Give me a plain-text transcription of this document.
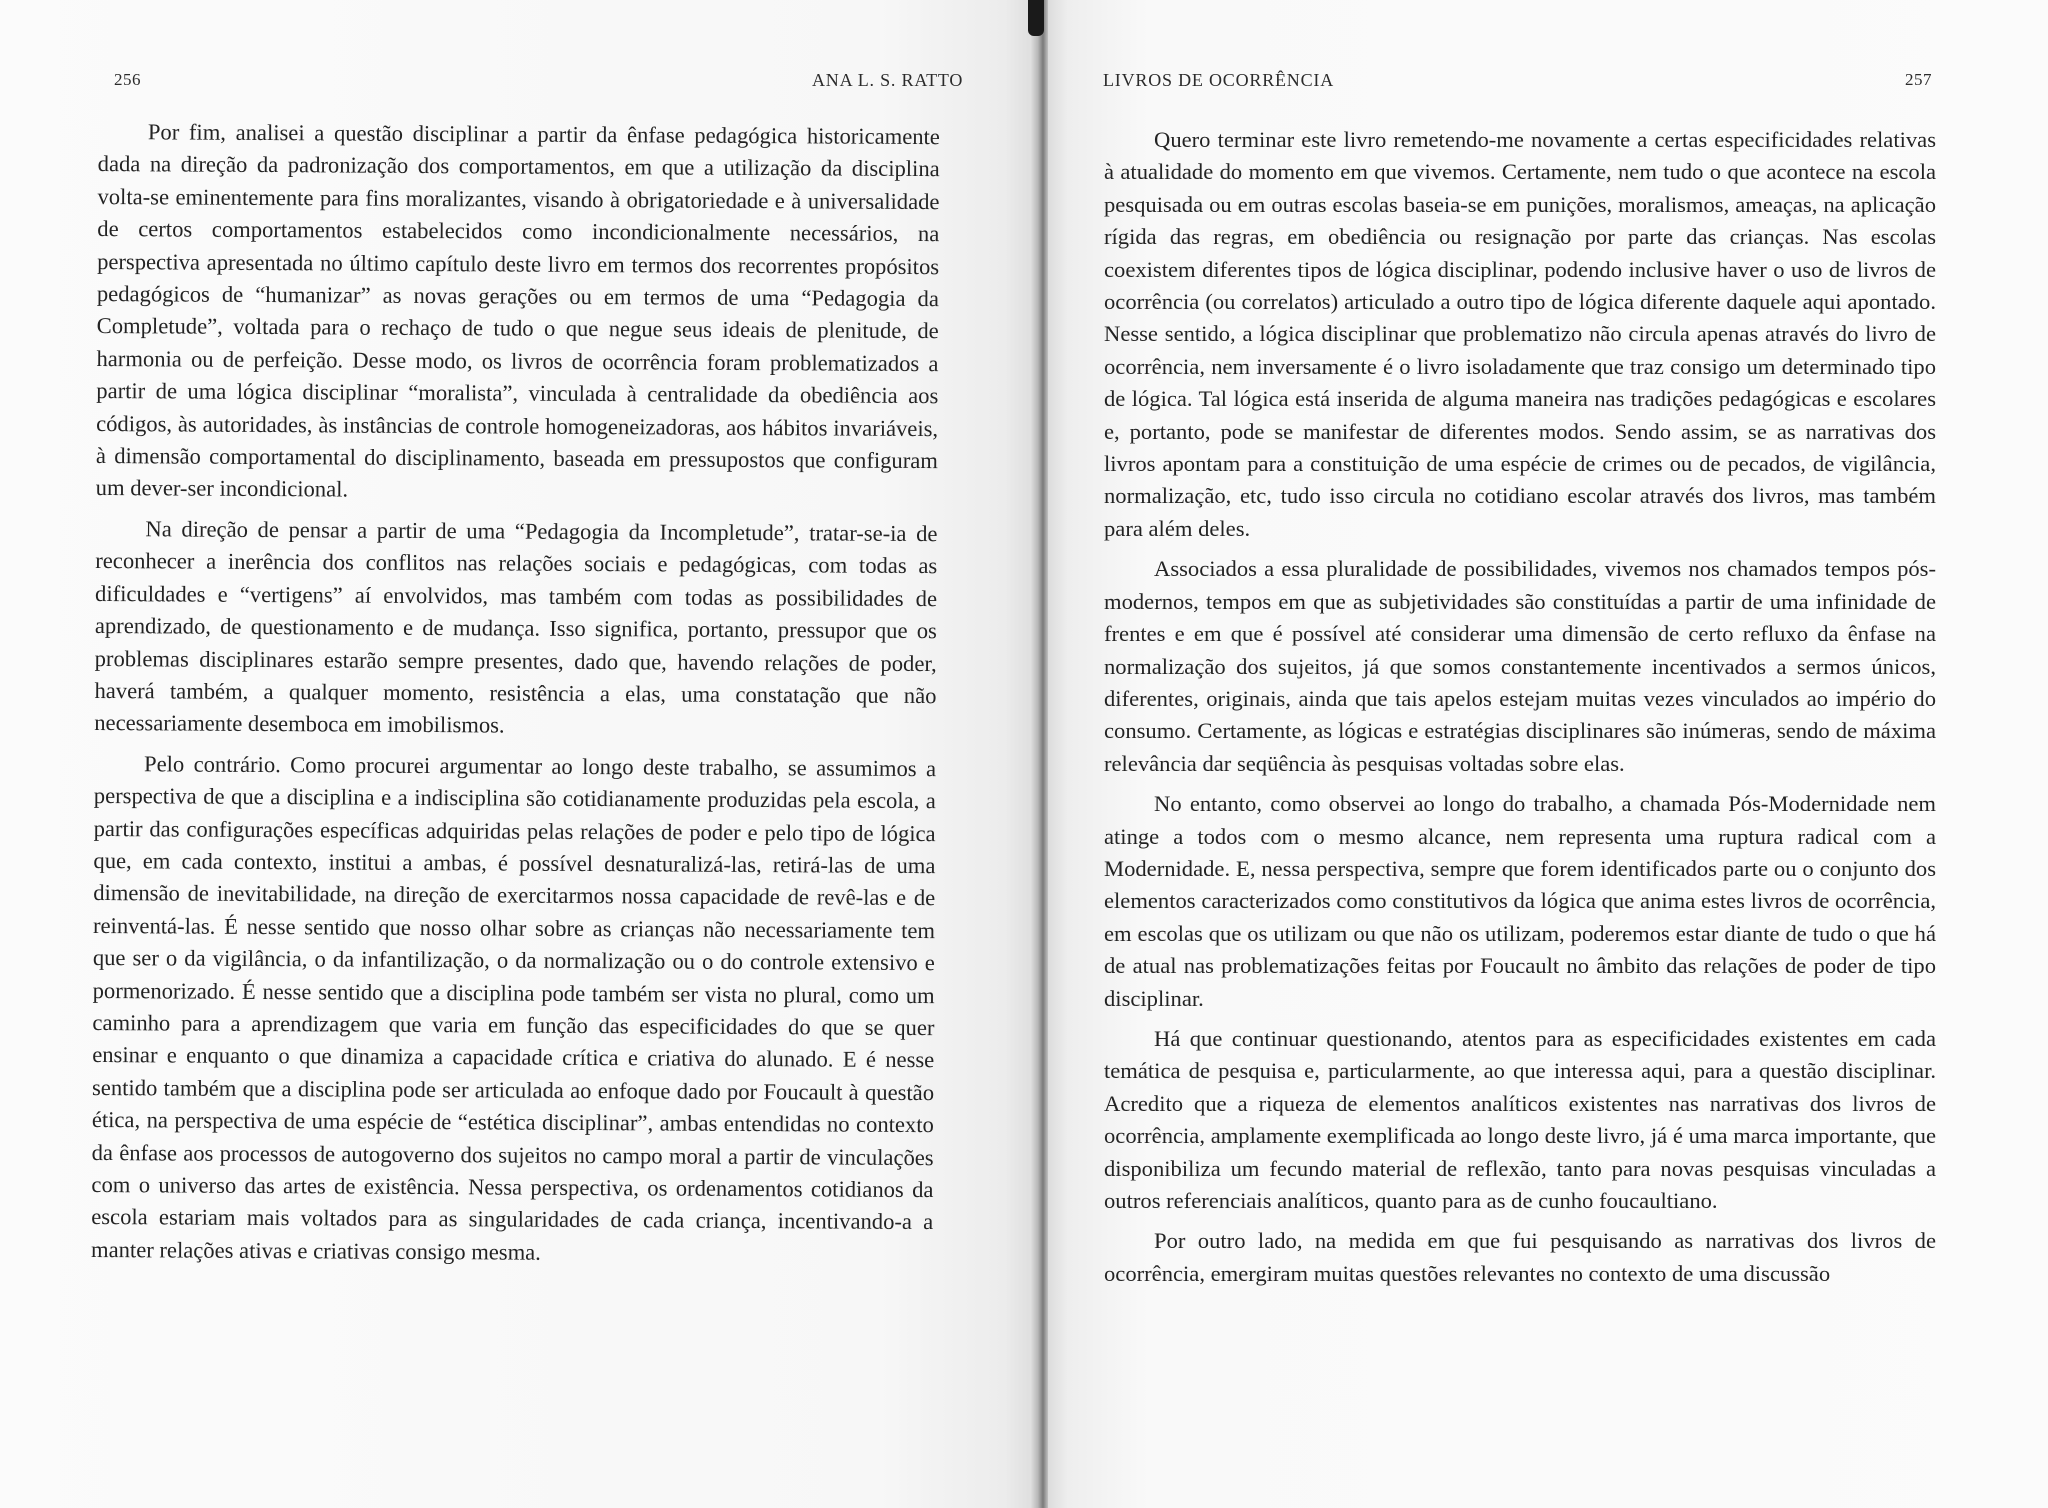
256	ANA L. S. RATTO

Por fim, analisei a questão disciplinar a partir da ênfase pedagógica historicamente dada na direção da padronização dos comportamentos, em que a utilização da disciplina volta-se eminentemente para fins moralizantes, visando à obrigatoriedade e à universalidade de certos comportamentos estabelecidos como incondicionalmente necessários, na perspectiva apresentada no último capítulo deste livro em termos dos recorrentes propósitos pedagógicos de “humanizar” as novas gerações ou em termos de uma “Pedagogia da Completude”, voltada para o rechaço de tudo o que negue seus ideais de plenitude, de harmonia ou de perfeição. Desse modo, os livros de ocorrência foram problematizados a partir de uma lógica disciplinar “moralista”, vinculada à centralidade da obediência aos códigos, às autoridades, às instâncias de controle homogeneizadoras, aos hábitos invariáveis, à dimensão comportamental do disciplinamento, baseada em pressupostos que configuram um dever-ser incondicional.

Na direção de pensar a partir de uma “Pedagogia da Incompletude”, tratar-se-ia de reconhecer a inerência dos conflitos nas relações sociais e pedagógicas, com todas as dificuldades e “vertigens” aí envolvidos, mas também com todas as possibilidades de aprendizado, de questionamento e de mudança. Isso significa, portanto, pressupor que os problemas disciplinares estarão sempre presentes, dado que, havendo relações de poder, haverá também, a qualquer momento, resistência a elas, uma constatação que não necessariamente desemboca em imobilismos.

Pelo contrário. Como procurei argumentar ao longo deste trabalho, se assumimos a perspectiva de que a disciplina e a indisciplina são cotidianamente produzidas pela escola, a partir das configurações específicas adquiridas pelas relações de poder e pelo tipo de lógica que, em cada contexto, institui a ambas, é possível desnaturalizá-las, retirá-las de uma dimensão de inevitabilidade, na direção de exercitarmos nossa capacidade de revê-las e de reinventá-las. É nesse sentido que nosso olhar sobre as crianças não necessariamente tem que ser o da vigilância, o da infantilização, o da normalização ou o do controle extensivo e pormenorizado. É nesse sentido que a disciplina pode também ser vista no plural, como um caminho para a aprendizagem que varia em função das especificidades do que se quer ensinar e enquanto o que dinamiza a capacidade crítica e criativa do alunado. E é nesse sentido também que a disciplina pode ser articulada ao enfoque dado por Foucault à questão ética, na perspectiva de uma espécie de “estética disciplinar”, ambas entendidas no contexto da ênfase aos processos de autogoverno dos sujeitos no campo moral a partir de vinculações com o universo das artes de existência. Nessa perspectiva, os ordenamentos cotidianos da escola estariam mais voltados para as singularidades de cada criança, incentivando-a a manter relações ativas e criativas consigo mesma.

LIVROS DE OCORRÊNCIA	257

Quero terminar este livro remetendo-me novamente a certas especificidades relativas à atualidade do momento em que vivemos. Certamente, nem tudo o que acontece na escola pesquisada ou em outras escolas baseia-se em punições, moralismos, ameaças, na aplicação rígida das regras, em obediência ou resignação por parte das crianças. Nas escolas coexistem diferentes tipos de lógica disciplinar, podendo inclusive haver o uso de livros de ocorrência (ou correlatos) articulado a outro tipo de lógica diferente daquele aqui apontado. Nesse sentido, a lógica disciplinar que problematizo não circula apenas através do livro de ocorrência, nem inversamente é o livro isoladamente que traz consigo um determinado tipo de lógica. Tal lógica está inserida de alguma maneira nas tradições pedagógicas e escolares e, portanto, pode se manifestar de diferentes modos. Sendo assim, se as narrativas dos livros apontam para a constituição de uma espécie de crimes ou de pecados, de vigilância, normalização, etc, tudo isso circula no cotidiano escolar através dos livros, mas também para além deles.

Associados a essa pluralidade de possibilidades, vivemos nos chamados tempos pós-modernos, tempos em que as subjetividades são constituídas a partir de uma infinidade de frentes e em que é possível até considerar uma dimensão de certo refluxo da ênfase na normalização dos sujeitos, já que somos constantemente incentivados a sermos únicos, diferentes, originais, ainda que tais apelos estejam muitas vezes vinculados ao império do consumo. Certamente, as lógicas e estratégias disciplinares são inúmeras, sendo de máxima relevância dar seqüência às pesquisas voltadas sobre elas.

No entanto, como observei ao longo do trabalho, a chamada Pós-Modernidade nem atinge a todos com o mesmo alcance, nem representa uma ruptura radical com a Modernidade. E, nessa perspectiva, sempre que forem identificados parte ou o conjunto dos elementos caracterizados como constitutivos da lógica que anima estes livros de ocorrência, em escolas que os utilizam ou que não os utilizam, poderemos estar diante de tudo o que há de atual nas problematizações feitas por Foucault no âmbito das relações de poder de tipo disciplinar.

Há que continuar questionando, atentos para as especificidades existentes em cada temática de pesquisa e, particularmente, ao que interessa aqui, para a questão disciplinar. Acredito que a riqueza de elementos analíticos existentes nas narrativas dos livros de ocorrência, amplamente exemplificada ao longo deste livro, já é uma marca importante, que disponibiliza um fecundo material de reflexão, tanto para novas pesquisas vinculadas a outros referenciais analíticos, quanto para as de cunho foucaultiano.

Por outro lado, na medida em que fui pesquisando as narrativas dos livros de ocorrência, emergiram muitas questões relevantes no contexto de uma discussão
